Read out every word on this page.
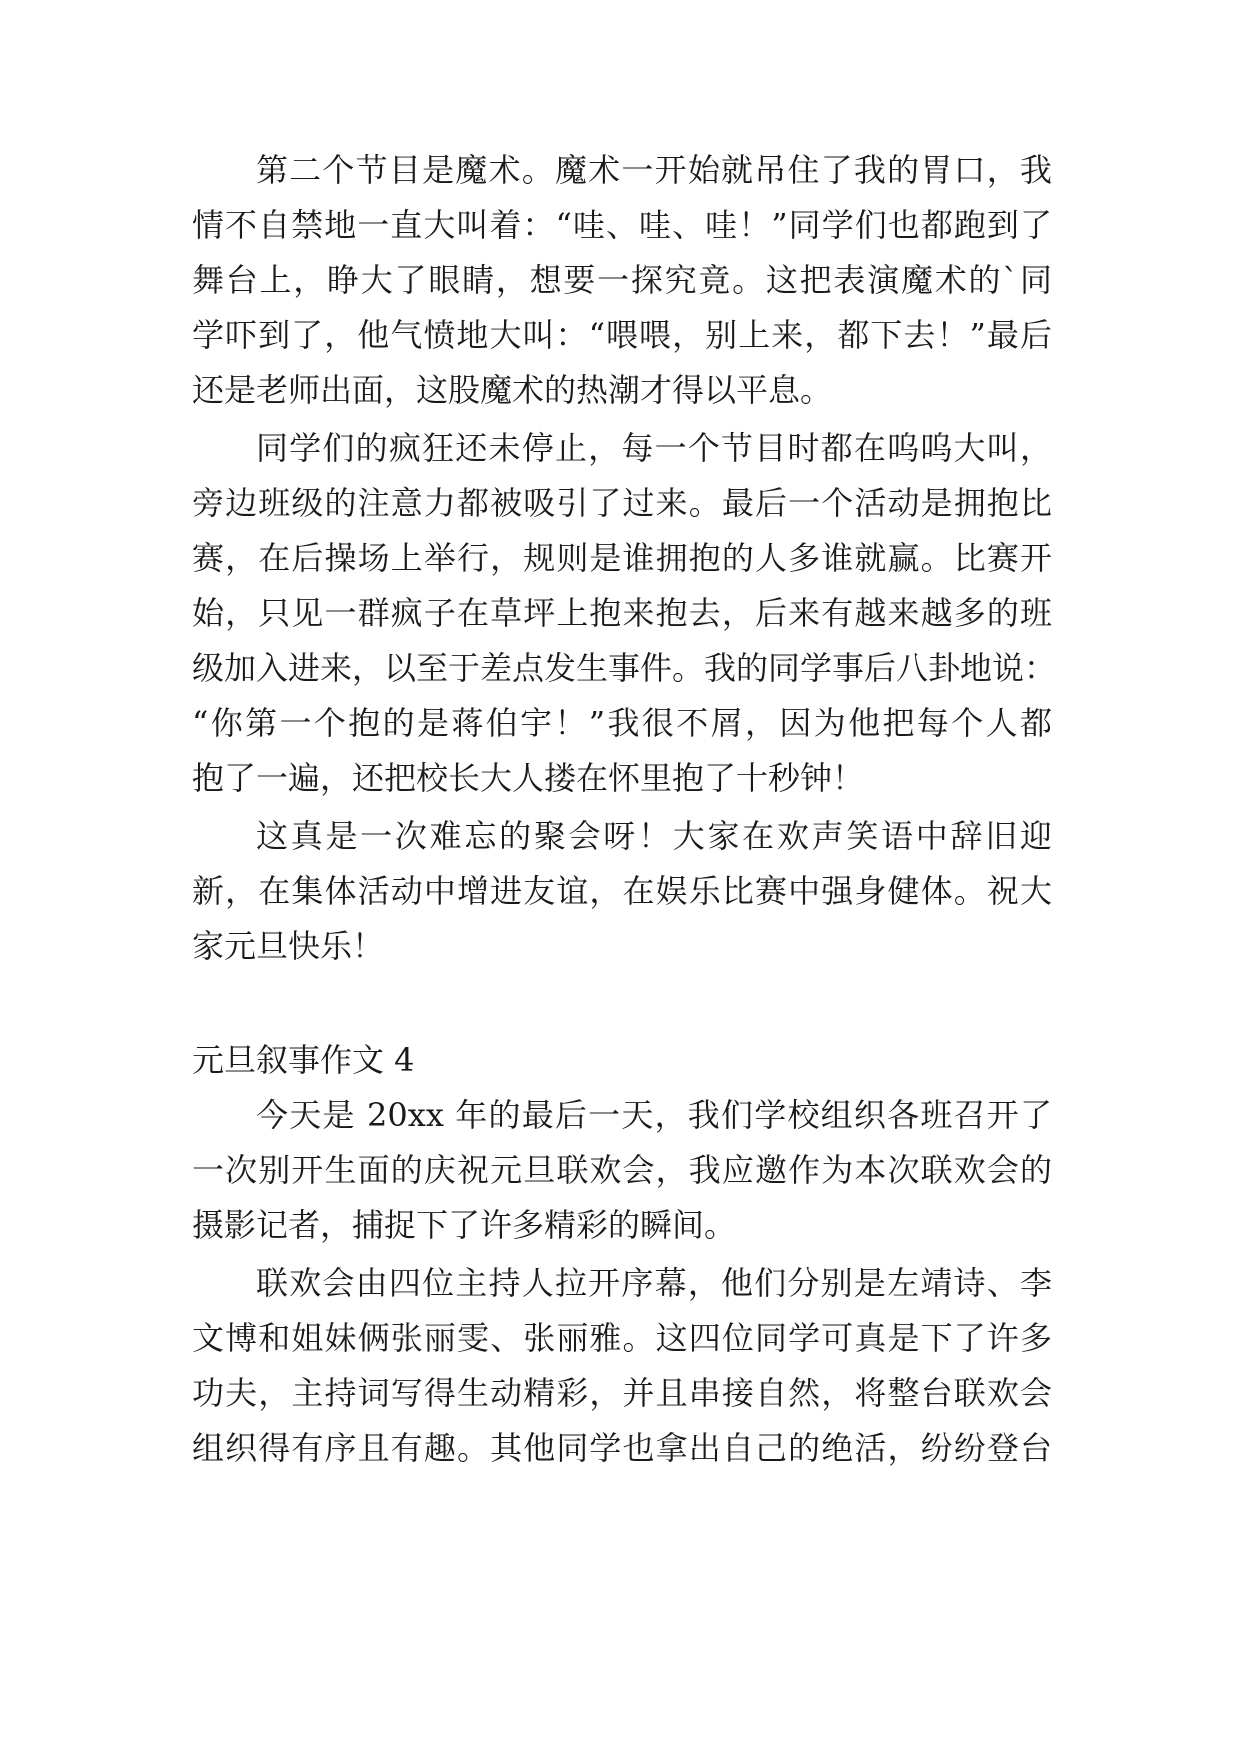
第二个节目是魔术。魔术一开始就吊住了我的胃口，我
情不自禁地一直大叫着：“哇、哇、哇！”同学们也都跑到了
舞台上，睁大了眼睛，想要一探究竟。这把表演魔术的`同
学吓到了，他气愤地大叫：“喂喂，别上来，都下去！”最后
还是老师出面，这股魔术的热潮才得以平息。
同学们的疯狂还未停止，每一个节目时都在呜呜大叫，
旁边班级的注意力都被吸引了过来。最后一个活动是拥抱比
赛，在后操场上举行，规则是谁拥抱的人多谁就赢。比赛开
始，只见一群疯子在草坪上抱来抱去，后来有越来越多的班
级加入进来，以至于差点发生事件。我的同学事后八卦地说：
“你第一个抱的是蒋伯宇！”我很不屑，因为他把每个人都
抱了一遍，还把校长大人搂在怀里抱了十秒钟！
这真是一次难忘的聚会呀！大家在欢声笑语中辞旧迎
新，在集体活动中增进友谊，在娱乐比赛中强身健体。祝大
家元旦快乐！
元旦叙事作文 4
今天是 20xx 年的最后一天，我们学校组织各班召开了
一次别开生面的庆祝元旦联欢会，我应邀作为本次联欢会的
摄影记者，捕捉下了许多精彩的瞬间。
联欢会由四位主持人拉开序幕，他们分别是左靖诗、李
文博和姐妹俩张丽雯、张丽雅。这四位同学可真是下了许多
功夫，主持词写得生动精彩，并且串接自然，将整台联欢会
组织得有序且有趣。其他同学也拿出自己的绝活，纷纷登台
